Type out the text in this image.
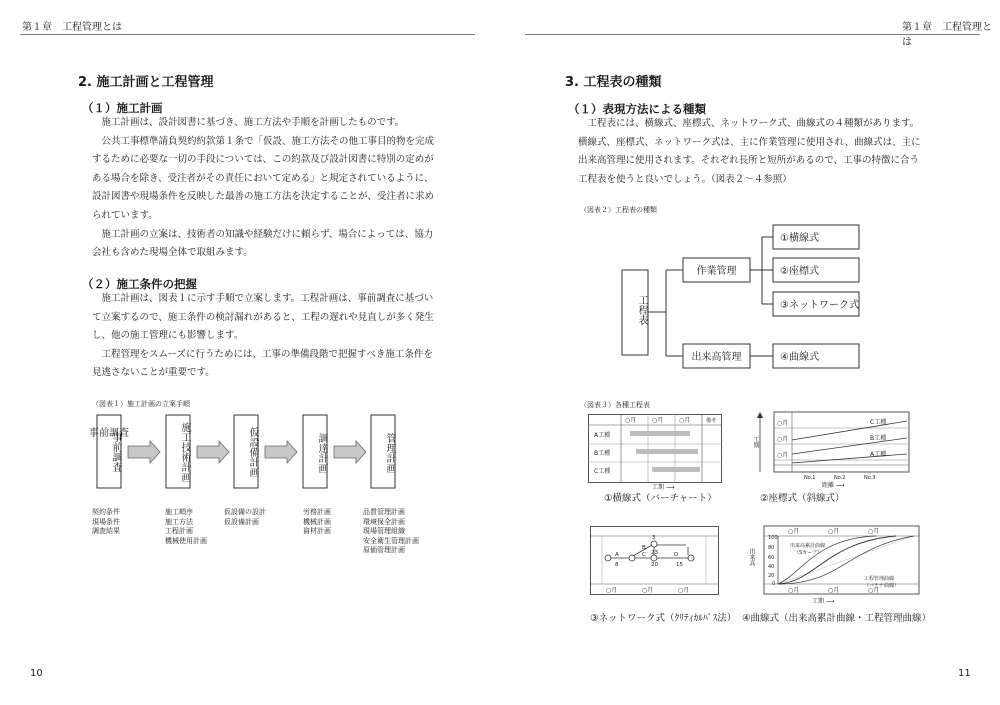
第１章　工程管理とは	第１章　工程管理とは
2. 施工計画と工程管理
（１）施工計画

施工計画は、設計図書に基づき、施工方法や手順を計画したものです。

公共工事標準請負契約約款第１条で「仮設、施工方法その他工事目的物を完成するために必要な一切の手段については、この約款及び設計図書に特別の定めがある場合を除き、受注者がその責任において定める」と規定されているように、設計図書や現場条件を反映した最善の施工方法を決定することが、受注者に求められています。

施工計画の立案は、技術者の知識や経験だけに頼らず、場合によっては、協力会社も含めた現場全体で取組みます。

（２）施工条件の把握

施工計画は、図表１に示す手順で立案します。工程計画は、事前調査に基づいて立案するので、施工条件の検討漏れがあると、工程の遅れや見直しが多く発生し、他の施工管理にも影響します。

工程管理をスムーズに行うためには、工事の準備段階で把握すべき施工条件を見逃さないことが重要です。

（図表１）施工計画の立案手順
事前調査
事前調査	施工技術計画	仮設備計画	調達計画	管理計画
契約条件
現場条件
調査結果
施工順序
施工方法
工程計画
機械使用計画
仮設備の設計
仮設備計画
労務計画
機械計画
資材計画
品質管理計画
環境保全計画
現場管理組織
安全衛生管理計画
原価管理計画
10
3. 工程表の種類
（１）表現方法による種類

工程表には、横線式、座標式、ネットワーク式、曲線式の４種類があります。横線式、座標式、ネットワーク式は、主に作業管理に使用され、曲線式は、主に出来高管理に使用されます。それぞれ長所と短所があるので、工事の特徴に合う工程表を使うと良いでしょう。（図表２～４参照）

（図表２）工程表の種類
工程表
作業管理
出来高管理
①横線式
②座標式
③ネットワーク式
④曲線式
（図表３）各種工程表
○月	○月	○月	備考
A工種
B工種
C工種
工期 ⟶
①横線式（バーチャート）
○月
○月
○月
C工種
B工種
A工種
No.1	No.2	No.3
工期
距離 ⟶
②座標式（斜線式）
A
B
C	D
8
23
20	15
3
○月	○月	○月
③ネットワーク式（ｸﾘﾃｨｶﾙﾊﾟｽ法）
100
80
60
40
20
0
出来高累計曲線
（Sカーブ）
工程管理曲線
（バナナ曲線）
○月	○月	○月
○月	○月	○月
出来高
工期 ⟶
④曲線式（出来高累計曲線・工程管理曲線）
11
